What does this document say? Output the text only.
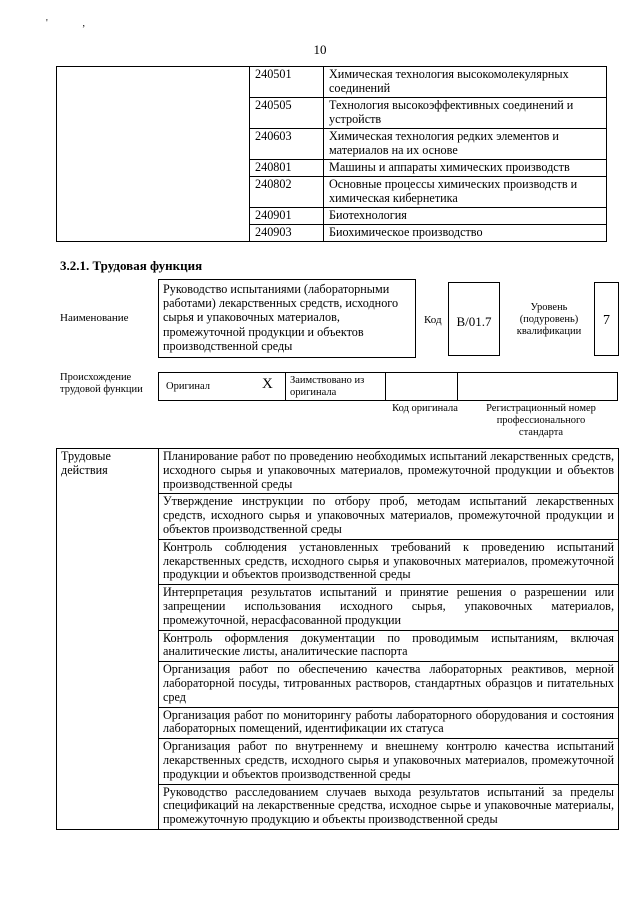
'	‚
10
	240501	Химическая технология высокомолекулярных соединений
	240505	Технология высокоэффективных соединений и устройств
	240603	Химическая технология редких элементов и материалов на их основе
	240801	Машины и аппараты химических производств
	240802	Основные процессы химических производств и химическая кибернетика
	240901	Биотехнология
	240903	Биохимическое производство
3.2.1. Трудовая функция
Наименование
Руководство испытаниями (лабораторными работами) лекарственных средств, исходного сырья и упаковочных материалов, промежуточной продукции и объектов производственной среды
Код	B/01.7
Уровень (подуровень) квалификации
7
Происхождение трудовой функции	Оригинал	X Заимствовано из оригинала
Код оригинала	Регистрационный номер профессионального стандарта
Трудовые действия	Планирование работ по проведению необходимых испытаний лекарственных средств, исходного сырья и упаковочных материалов, промежуточной продукции и объектов производственной среды
Утверждение инструкции по отбору проб, методам испытаний лекарственных средств, исходного сырья и упаковочных материалов, промежуточной продукции и объектов производственной среды
Контроль соблюдения установленных требований к проведению испытаний лекарственных средств, исходного сырья и упаковочных материалов, промежуточной продукции и объектов производственной среды
Интерпретация результатов испытаний и принятие решения о разрешении или запрещении использования исходного сырья, упаковочных материалов, промежуточной, нерасфасованной продукции
Контроль оформления документации по проводимым испытаниям, включая аналитические листы, аналитические паспорта
Организация работ по обеспечению качества лабораторных реактивов, мерной лабораторной посуды, титрованных растворов, стандартных образцов и питательных сред
Организация работ по мониторингу работы лабораторного оборудования и состояния лабораторных помещений, идентификации их статуса
Организация работ по внутреннему и внешнему контролю качества испытаний лекарственных средств, исходного сырья и упаковочных материалов, промежуточной продукции и объектов производственной среды
Руководство расследованием случаев выхода результатов испытаний за пределы спецификаций на лекарственные средства, исходное сырье и упаковочные материалы, промежуточную продукцию и объекты производственной среды
